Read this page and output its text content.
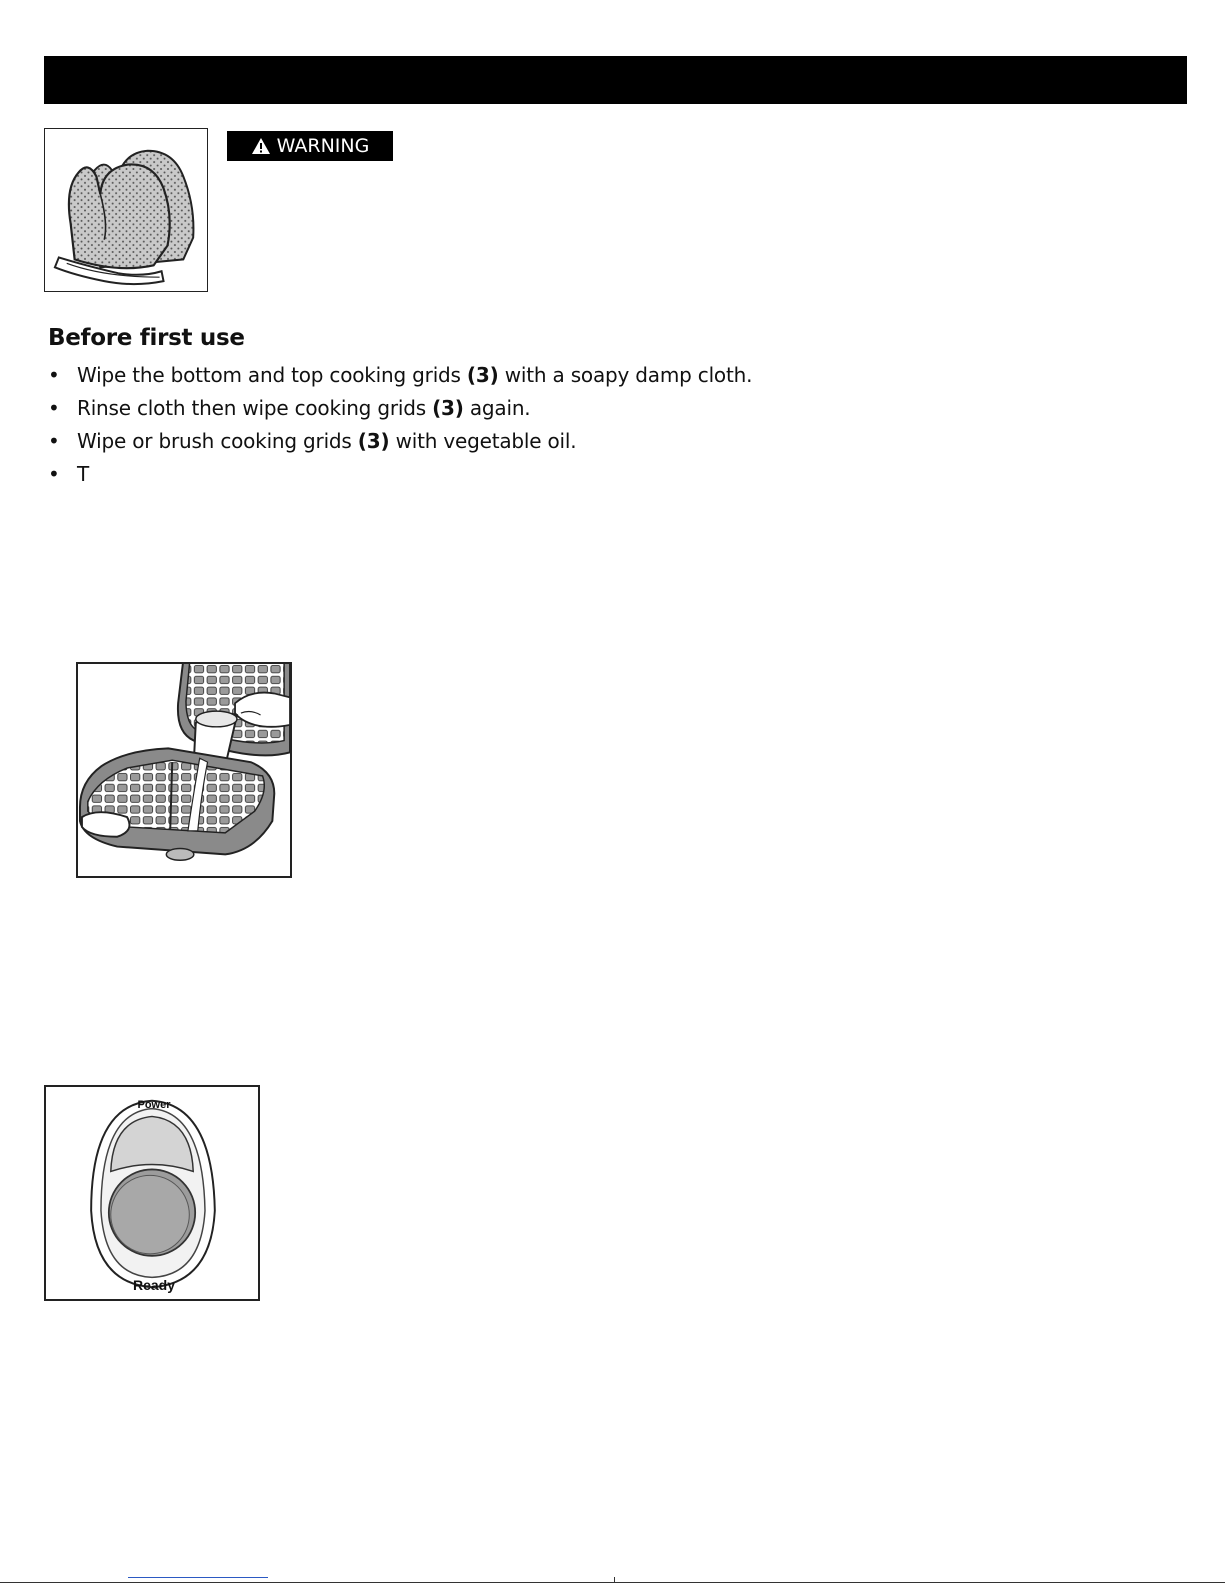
WARNING
Before first use
• Wipe the bottom and top cooking grids (3) with a soapy damp cloth.
• Rinse cloth then wipe cooking grids (3) again.
• Wipe or brush cooking grids (3) with vegetable oil.
• T
Power
Ready
